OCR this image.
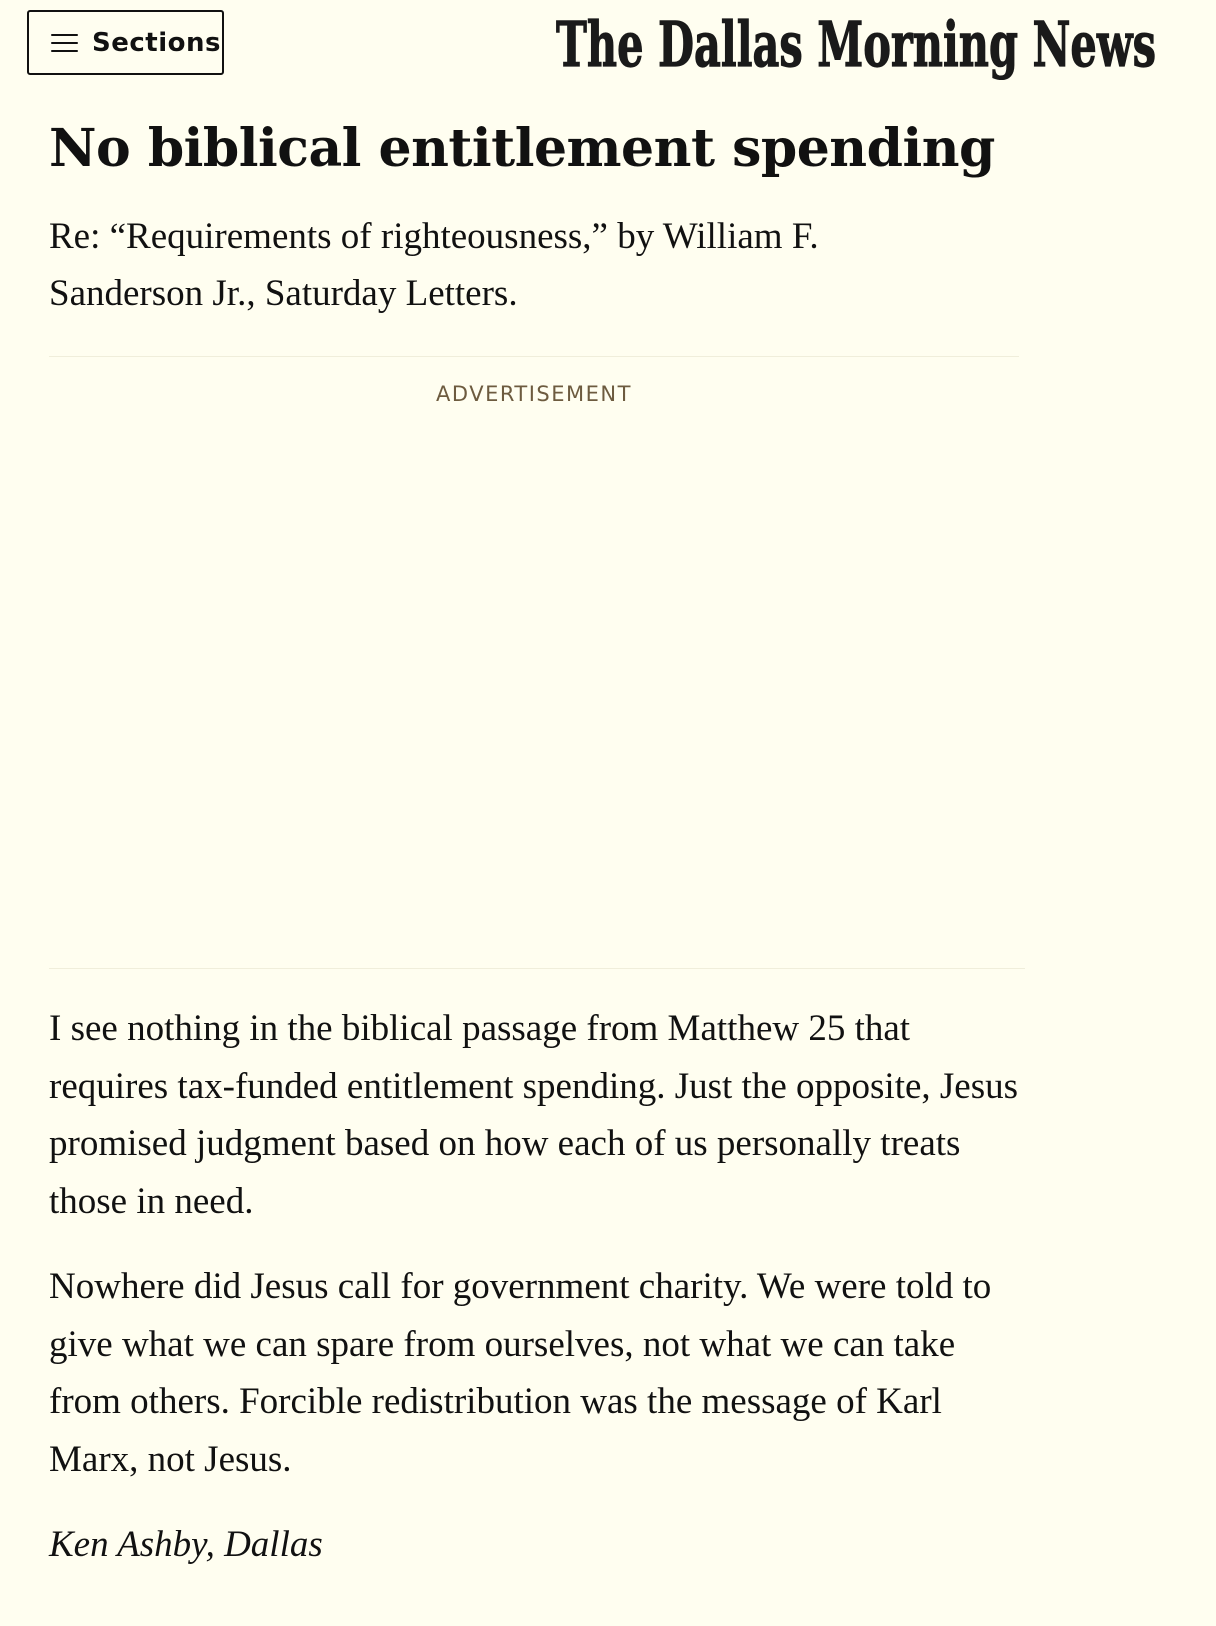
Sections	The Dallas Morning News
No biblical entitlement spending

Re: “Requirements of righteousness,” by William F. Sanderson Jr., Saturday Letters.

ADVERTISEMENT

I see nothing in the biblical passage from Matthew 25 that requires tax-funded entitlement spending. Just the opposite, Jesus promised judgment based on how each of us personally treats those in need.

Nowhere did Jesus call for government charity. We were told to give what we can spare from ourselves, not what we can take from others. Forcible redistribution was the message of Karl Marx, not Jesus.

Ken Ashby, Dallas
